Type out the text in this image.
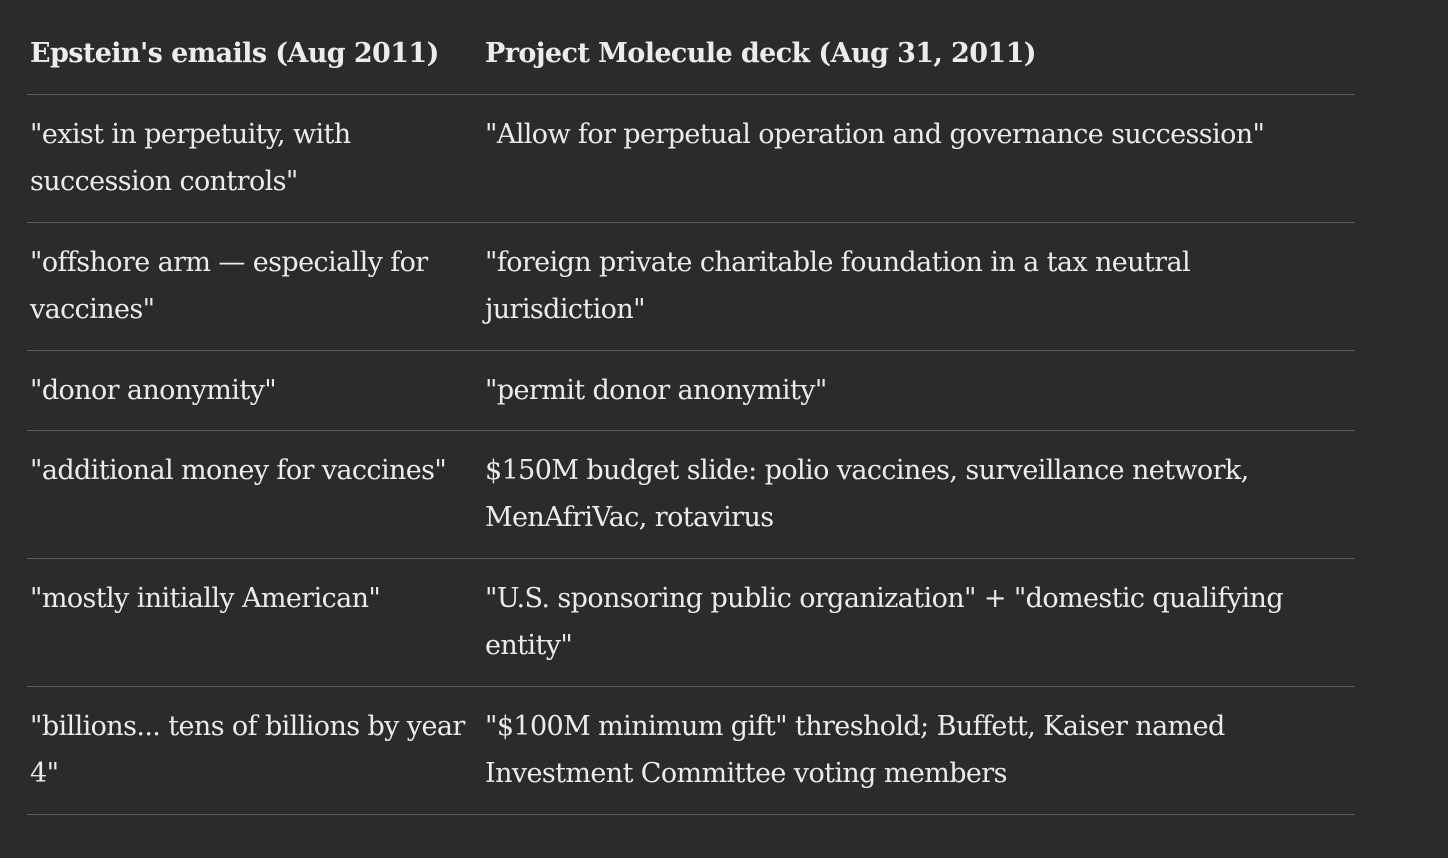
Epstein's emails (Aug 2011)	Project Molecule deck (Aug 31, 2011)
"exist in perpetuity, with succession controls"	"Allow for perpetual operation and governance succession"
"offshore arm — especially for vaccines"	"foreign private charitable foundation in a tax neutral jurisdiction"
"donor anonymity"	"permit donor anonymity"
"additional money for vaccines"	$150M budget slide: polio vaccines, surveillance network, MenAfriVac, rotavirus
"mostly initially American"	"U.S. sponsoring public organization" + "domestic qualifying entity"
"billions... tens of billions by year 4"	"$100M minimum gift" threshold; Buffett, Kaiser named Investment Committee voting members
